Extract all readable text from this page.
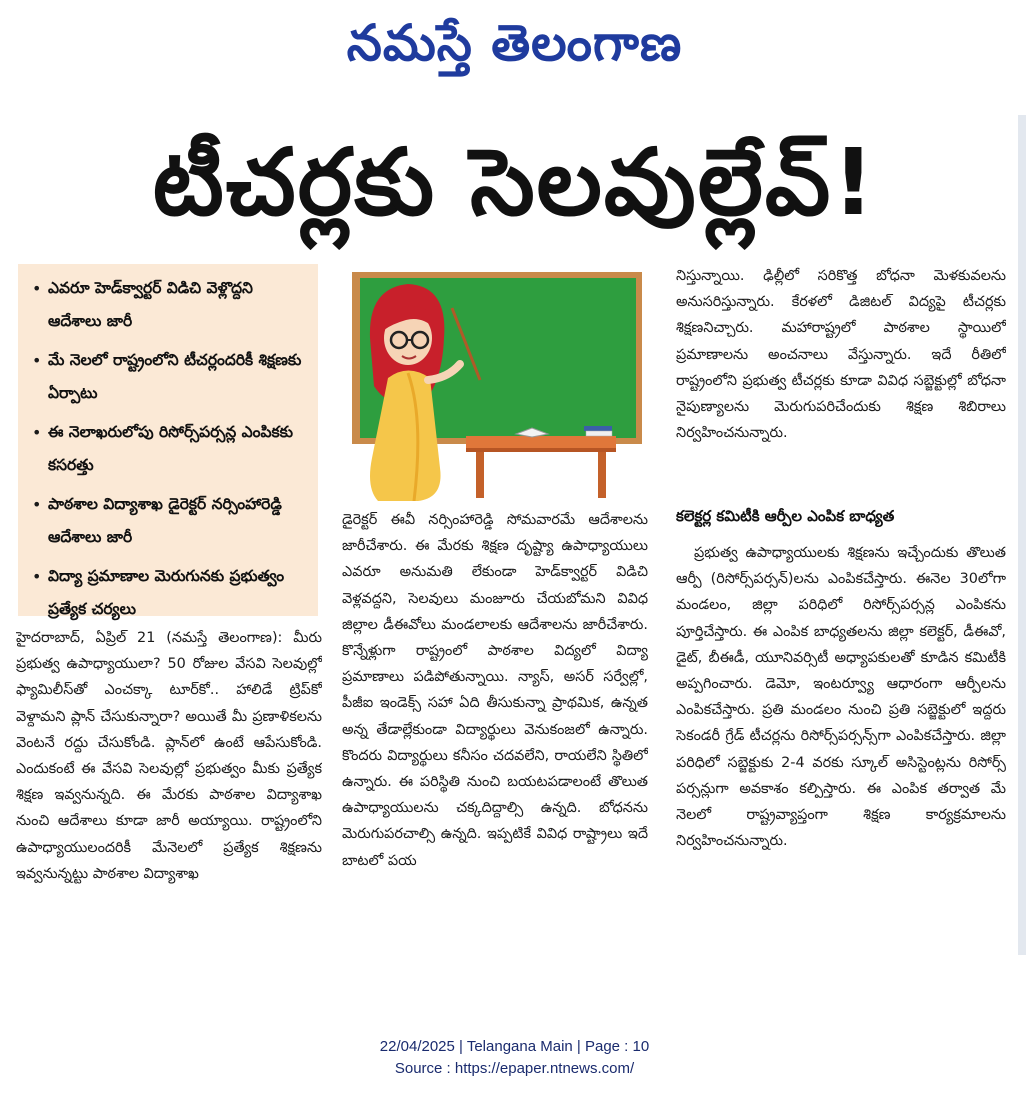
నమస్తే తెలంగాణ
టీచర్లకు సెలవుల్లేవ్!
• ఎవరూ హెడ్‌క్వార్టర్ విడిచి వెళ్లొద్దని ఆదేశాలు జారీ
• మే నెలలో రాష్ట్రంలోని టీచర్లందరికీ శిక్షణకు ఏర్పాటు
• ఈ నెలాఖరులోపు రిసోర్స్‌పర్సన్ల ఎంపికకు కసరత్తు
• పాఠశాల విద్యాశాఖ డైరెక్టర్ నర్సింహారెడ్డి ఆదేశాలు జారీ
• విద్యా ప్రమాణాల మెరుగునకు ప్రభుత్వం ప్రత్యేక చర్యలు

హైదరాబాద్, ఏప్రిల్ 21 (నమస్తే తెలంగాణ): మీరు ప్రభుత్వ ఉపాధ్యాయులా? 50 రోజుల వేసవి సెలవుల్లో ఫ్యామిలీస్‌తో ఎంచక్కా టూర్‌కో.. హాలిడే ట్రిప్‌కో వెళ్దామని ప్లాన్ చేసుకున్నారా? అయితే మీ ప్రణాళికలను వెంటనే రద్దు చేసుకోండి. ప్లాన్‌లో ఉంటే ఆపేసుకోండి. ఎందుకంటే ఈ వేసవి సెలవుల్లో ప్రభుత్వం మీకు ప్రత్యేక శిక్షణ ఇవ్వనున్నది. ఈ మేరకు పాఠశాల విద్యాశాఖ నుంచి ఆదేశాలు కూడా జారీ అయ్యాయి. రాష్ట్రంలోని ఉపాధ్యాయులందరికీ మేనెలలో ప్రత్యేక శిక్షణను ఇవ్వనున్నట్టు పాఠశాల విద్యాశాఖ

డైరెక్టర్ ఈవీ నర్సింహారెడ్డి సోమవారమే ఆదేశాలను జారీచేశారు. ఈ మేరకు శిక్షణ దృష్ట్యా ఉపాధ్యాయులు ఎవరూ అనుమతి లేకుండా హెడ్‌క్వార్టర్ విడిచి వెళ్లవద్దని, సెలవులు మంజూరు చేయబోమని వివిధ జిల్లాల డీఈవోలు మండలాలకు ఆదేశాలను జారీచేశారు. కొన్నేళ్లుగా రాష్ట్రంలో పాఠశాల విద్యలో విద్యా ప్రమాణాలు పడిపోతున్నాయి. న్యాస్, అసర్ సర్వేల్లో, పీజీఐ ఇండెక్స్ సహా ఏది తీసుకున్నా ప్రాథమిక, ఉన్నత అన్న తేడాల్లేకుండా విద్యార్థులు వెనుకంజలో ఉన్నారు. కొందరు విద్యార్థులు కనీసం చదవలేని, రాయలేని స్థితిలో ఉన్నారు. ఈ పరిస్థితి నుంచి బయటపడాలంటే తొలుత ఉపాధ్యాయులను చక్కదిద్దాల్సి ఉన్నది. బోధనను మెరుగుపరచాల్సి ఉన్నది. ఇప్పటికే వివిధ రాష్ట్రాలు ఇదే బాటలో పయ

నిస్తున్నాయి. ఢిల్లీలో సరికొత్త బోధనా మెళకువలను అనుసరిస్తున్నారు. కేరళలో డిజిటల్ విద్యపై టీచర్లకు శిక్షణనిచ్చారు. మహారాష్ట్రలో పాఠశాల స్థాయిలో ప్రమాణాలను అంచనాలు వేస్తున్నారు. ఇదే రీతిలో రాష్ట్రంలోని ప్రభుత్వ టీచర్లకు కూడా వివిధ సబ్జెక్టుల్లో బోధనా నైపుణ్యాలను మెరుగుపరిచేందుకు శిక్షణ శిబిరాలు నిర్వహించనున్నారు.

కలెక్టర్ల కమిటీకి ఆర్పీల ఎంపిక బాధ్యత

ప్రభుత్వ ఉపాధ్యాయులకు శిక్షణను ఇచ్చేందుకు తొలుత ఆర్పీ (రిసోర్స్‌పర్సన్)లను ఎంపికచేస్తారు. ఈనెల 30లోగా మండలం, జిల్లా పరిధిలో రిసోర్స్‌పర్సన్ల ఎంపికను పూర్తిచేస్తారు. ఈ ఎంపిక బాధ్యతలను జిల్లా కలెక్టర్, డీఈవో, డైట్, బీఈడీ, యూనివర్సిటీ అధ్యాపకులతో కూడిన కమిటీకి అప్పగించారు. డెమో, ఇంటర్వ్యూ ఆధారంగా ఆర్పీలను ఎంపికచేస్తారు. ప్రతి మండలం నుంచి ప్రతి సబ్జెక్టులో ఇద్దరు సెకండరీ గ్రేడ్ టీచర్లను రిసోర్స్‌పర్సన్స్‌గా ఎంపికచేస్తారు. జిల్లా పరిధిలో సబ్జెక్టుకు 2-4 వరకు స్కూల్ అసిస్టెంట్లను రిసోర్స్ పర్సన్లుగా అవకాశం కల్పిస్తారు. ఈ ఎంపిక తర్వాత మే నెలలో రాష్ట్రవ్యాప్తంగా శిక్షణ కార్యక్రమాలను నిర్వహించనున్నారు.

22/04/2025 | Telangana Main | Page : 10
Source : https://epaper.ntnews.com/
